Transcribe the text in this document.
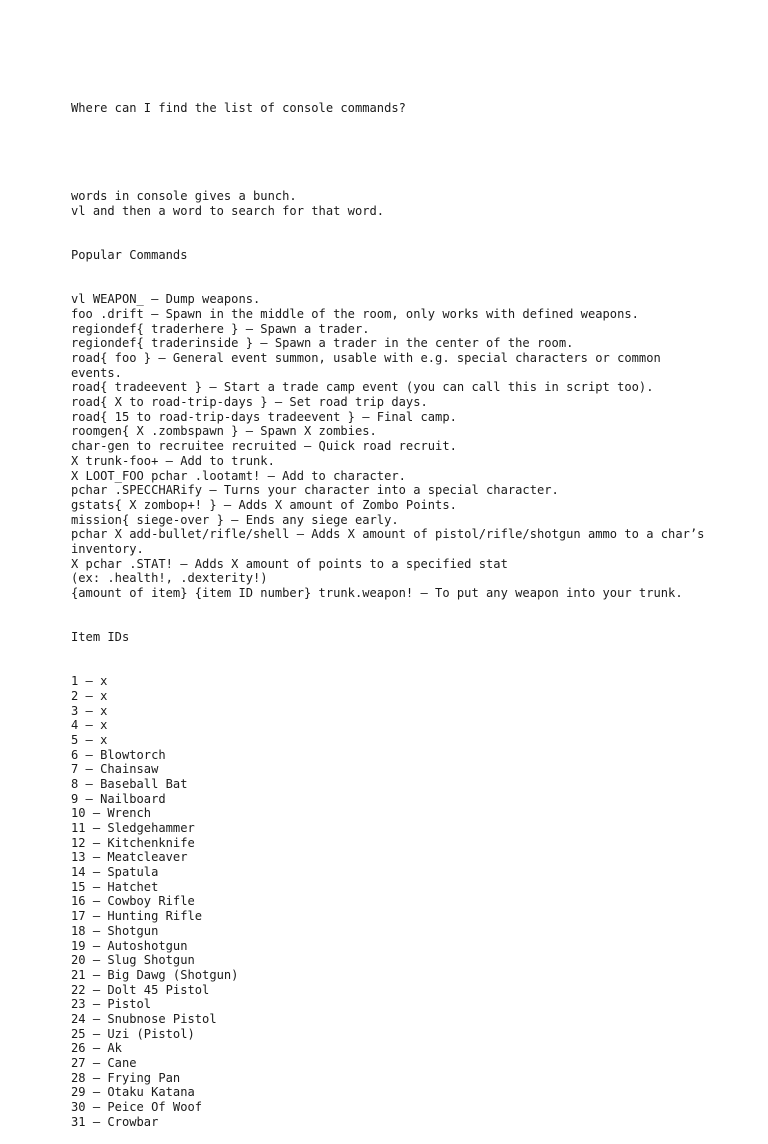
Where can I find the list of console commands?

words in console gives a bunch.
vl and then a word to search for that word.

Popular Commands

vl WEAPON_ – Dump weapons.
foo .drift – Spawn in the middle of the room, only works with defined weapons.
regiondef{ traderhere } – Spawn a trader.
regiondef{ traderinside } – Spawn a trader in the center of the room.
road{ foo } – General event summon, usable with e.g. special characters or common events.
road{ tradeevent } – Start a trade camp event (you can call this in script too).
road{ X to road-trip-days } – Set road trip days.
road{ 15 to road-trip-days tradeevent } – Final camp.
roomgen{ X .zombspawn } – Spawn X zombies.
char-gen to recruitee recruited – Quick road recruit.
X trunk-foo+ – Add to trunk.
X LOOT_FOO pchar .lootamt! – Add to character.
pchar .SPECCHARify – Turns your character into a special character.
gstats{ X zombop+! } – Adds X amount of Zombo Points.
mission{ siege-over } – Ends any siege early.
pchar X add-bullet/rifle/shell – Adds X amount of pistol/rifle/shotgun ammo to a char’s inventory.
X pchar .STAT! – Adds X amount of points to a specified stat
(ex: .health!, .dexterity!)
{amount of item} {item ID number} trunk.weapon! – To put any weapon into your trunk.

Item IDs

1 – x
2 – x
3 – x
4 – x
5 – x
6 – Blowtorch
7 – Chainsaw
8 – Baseball Bat
9 – Nailboard
10 – Wrench
11 – Sledgehammer
12 – Kitchenknife
13 – Meatcleaver
14 – Spatula
15 – Hatchet
16 – Cowboy Rifle
17 – Hunting Rifle
18 – Shotgun
19 – Autoshotgun
20 – Slug Shotgun
21 – Big Dawg (Shotgun)
22 – Dolt 45 Pistol
23 – Pistol
24 – Snubnose Pistol
25 – Uzi (Pistol)
26 – Ak
27 – Cane
28 – Frying Pan
29 – Otaku Katana
30 – Peice Of Woof
31 – Crowbar
